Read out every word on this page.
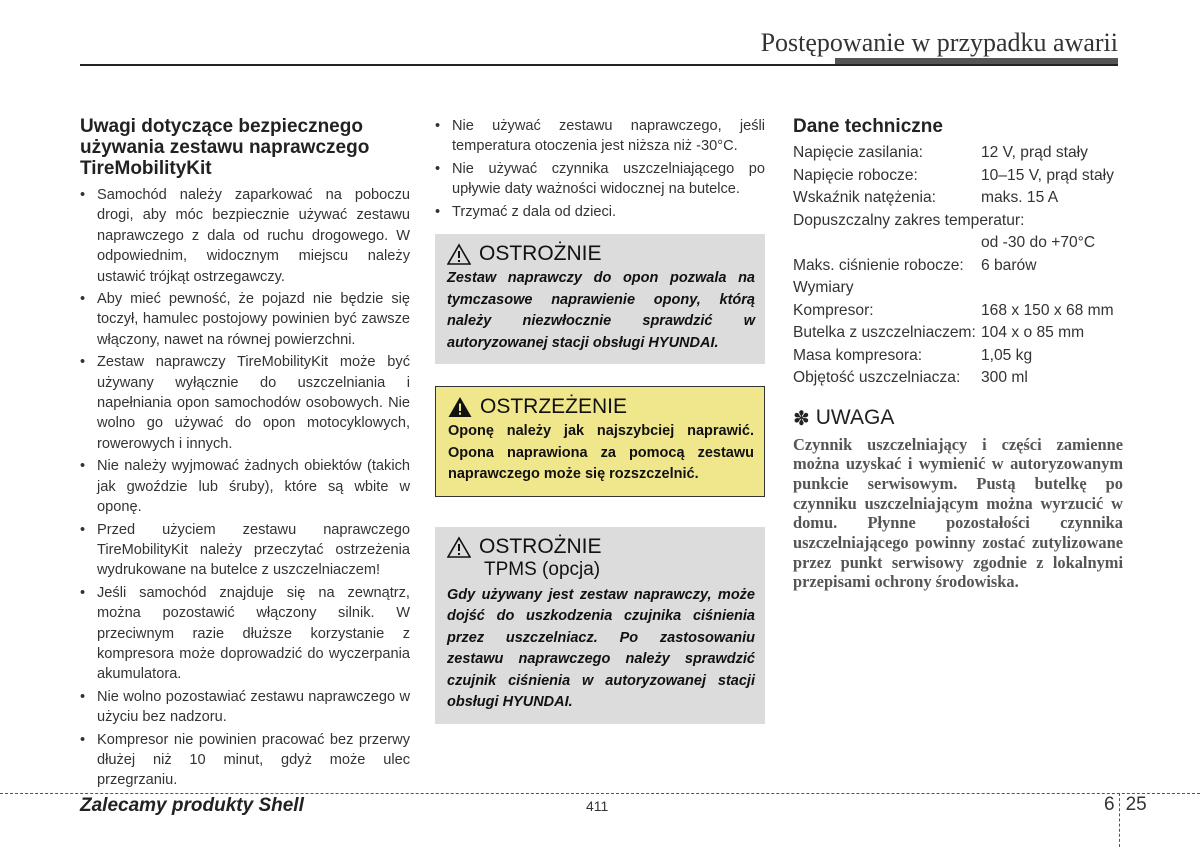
Postępowanie w przypadku awarii
Uwagi dotyczące bezpiecznego używania zestawu naprawczego TireMobilityKit
• Samochód należy zaparkować na poboczu drogi, aby móc bezpiecznie używać zestawu naprawczego z dala od ruchu drogowego. W odpowiednim, widocznym miejscu należy ustawić trójkąt ostrzegawczy.
• Aby mieć pewność, że pojazd nie będzie się toczył, hamulec postojowy powinien być zawsze włączony, nawet na równej powierzchni.
• Zestaw naprawczy TireMobilityKit może być używany wyłącznie do uszczelniania i napełniania opon samochodów osobowych. Nie wolno go używać do opon motocyklowych, rowerowych i innych.
• Nie należy wyjmować żadnych obiektów (takich jak gwoździe lub śruby), które są wbite w oponę.
• Przed użyciem zestawu naprawczego TireMobilityKit należy przeczytać ostrzeżenia wydrukowane na butelce z uszczelniaczem!
• Jeśli samochód znajduje się na zewnątrz, można pozostawić włączony silnik. W przeciwnym razie dłuższe korzystanie z kompresora może doprowadzić do wyczerpania akumulatora.
• Nie wolno pozostawiać zestawu naprawczego w użyciu bez nadzoru.
• Kompresor nie powinien pracować bez przerwy dłużej niż 10 minut, gdyż może ulec przegrzaniu.
• Nie używać zestawu naprawczego, jeśli temperatura otoczenia jest niższa niż -30°C.
• Nie używać czynnika uszczelniającego po upływie daty ważności widocznej na butelce.
• Trzymać z dala od dzieci.
OSTROŻNIE
Zestaw naprawczy do opon pozwala na tymczasowe naprawienie opony, którą należy niezwłocznie sprawdzić w autoryzowanej stacji obsługi HYUNDAI.
OSTRZEŻENIE
Oponę należy jak najszybciej naprawić. Opona naprawiona za pomocą zestawu naprawczego może się rozszczelnić.
OSTROŻNIE
TPMS (opcja)
Gdy używany jest zestaw naprawczy, może dojść do uszkodzenia czujnika ciśnienia przez uszczelniacz. Po zastosowaniu zestawu naprawczego należy sprawdzić czujnik ciśnienia w autoryzowanej stacji obsługi HYUNDAI.
Dane techniczne
Napięcie zasilania:	12 V, prąd stały
Napięcie robocze:	10–15 V, prąd stały
Wskaźnik natężenia:	maks. 15 A
Dopuszczalny zakres temperatur:
od -30 do +70°C
Maks. ciśnienie robocze:	6 barów
Wymiary
Kompresor:	168 x 150 x 68 mm
Butelka z uszczelniaczem: 104 x o 85 mm
Masa kompresora:	1,05 kg
Objętość uszczelniacza:	300 ml
✽ UWAGA
Czynnik uszczelniający i części zamienne można uzyskać i wymienić w autoryzowanym punkcie serwisowym. Pustą butelkę po czynniku uszczelniającym można wyrzucić w domu. Płynne pozostałości czynnika uszczelniającego powinny zostać zutylizowane przez punkt serwisowy zgodnie z lokalnymi przepisami ochrony środowiska.
Zalecamy produkty Shell	411	6 25
